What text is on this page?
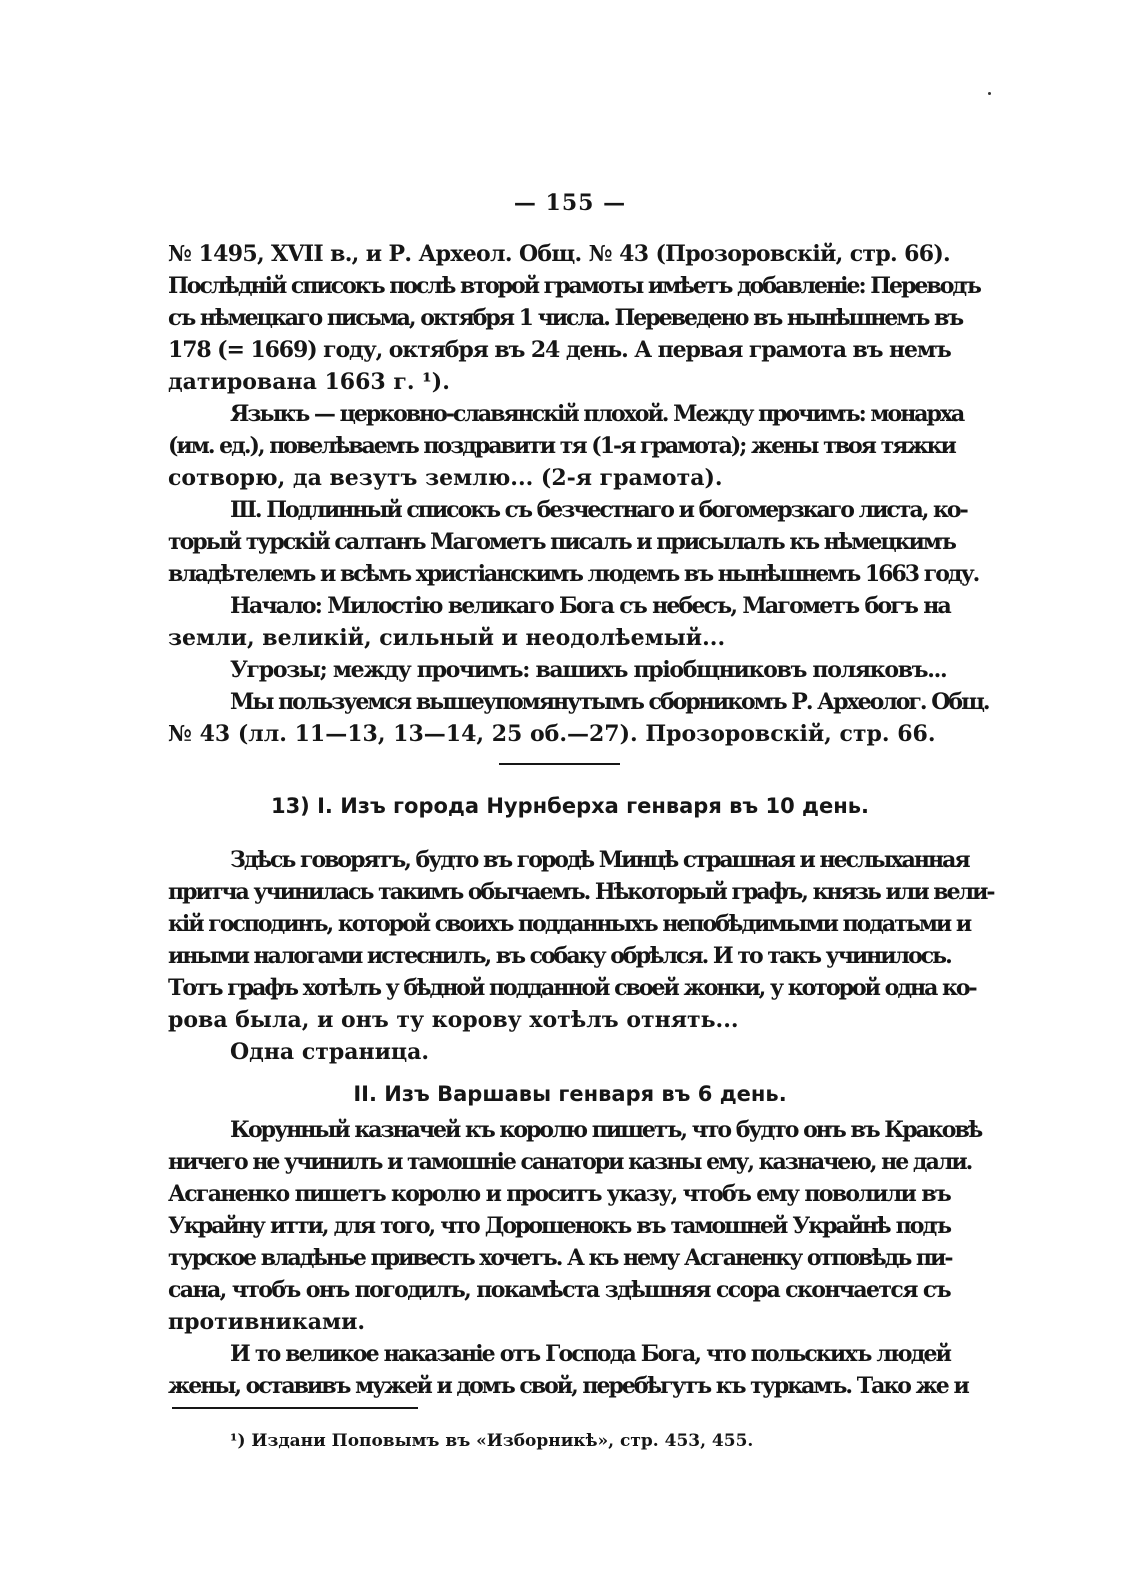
— 155 —
№ 1495, XVII в., и Р. Археол. Общ. № 43 (Прозоровскій, стр. 66).
Послѣдній списокъ послѣ второй грамоты имѣетъ добавленіе: Переводъ
съ нѣмецкаго письма, октября 1 числа. Переведено въ нынѣшнемъ въ
178 (= 1669) году, октября въ 24 день. А первая грамота въ немъ
датирована 1663 г. ¹).
Языкъ — церковно-славянскій плохой. Между прочимъ: монарха
(им. ед.), повелѣваемъ поздравити тя (1-я грамота); жены твоя тяжки
сотворю, да везутъ землю... (2-я грамота).
III. Подлинный списокъ съ безчестнаго и богомерзкаго листа, ко-
торый турскій салтанъ Магометъ писалъ и присылалъ къ нѣмецкимъ
владѣтелемъ и всѣмъ христіанскимъ людемъ въ нынѣшнемъ 1663 году.
Начало: Милостію великаго Бога съ небесъ, Магометъ богъ на
земли, великій, сильный и неодолѣемый...
Угрозы; между прочимъ: вашихъ пріобщниковъ поляковъ...
Мы пользуемся вышеупомянутымъ сборникомъ Р. Археолог. Общ.
№ 43 (лл. 11—13, 13—14, 25 об.—27). Прозоровскій, стр. 66.
13) I. Изъ города Нурнберха генваря въ 10 день.
Здѣсь говорятъ, будто въ городѣ Минцѣ страшная и неслыханная
притча учинилась такимъ обычаемъ. Нѣкоторый графъ, князь или вели-
кій господинъ, которой своихъ подданныхъ непобѣдимыми податьми и
иными налогами истеснилъ, въ собаку обрѣлся. И то такъ учинилось.
Тотъ графъ хотѣлъ у бѣдной подданной своей жонки, у которой одна ко-
рова была, и онъ ту корову хотѣлъ отнять...
Одна страница.
II. Изъ Варшавы генваря въ 6 день.
Корунный казначей къ королю пишетъ, что будто онъ въ Краковѣ
ничего не учинилъ и тамошніе санатори казны ему, казначею, не дали.
Асганенко пишетъ королю и проситъ указу, чтобъ ему поволили въ
Украйну итти, для того, что Дорошенокъ въ тамошней Украйнѣ подъ
турское владѣнье привесть хочетъ. А къ нему Асганенку отповѣдь пи-
сана, чтобъ онъ погодилъ, покамѣста здѣшняя ссора скончается съ
противниками.
И то великое наказаніе отъ Господа Бога, что польскихъ людей
жены, оставивъ мужей и домъ свой, перебѣгутъ къ туркамъ. Тако же и
¹) Издани Поповымъ въ «Изборникѣ», стр. 453, 455.
